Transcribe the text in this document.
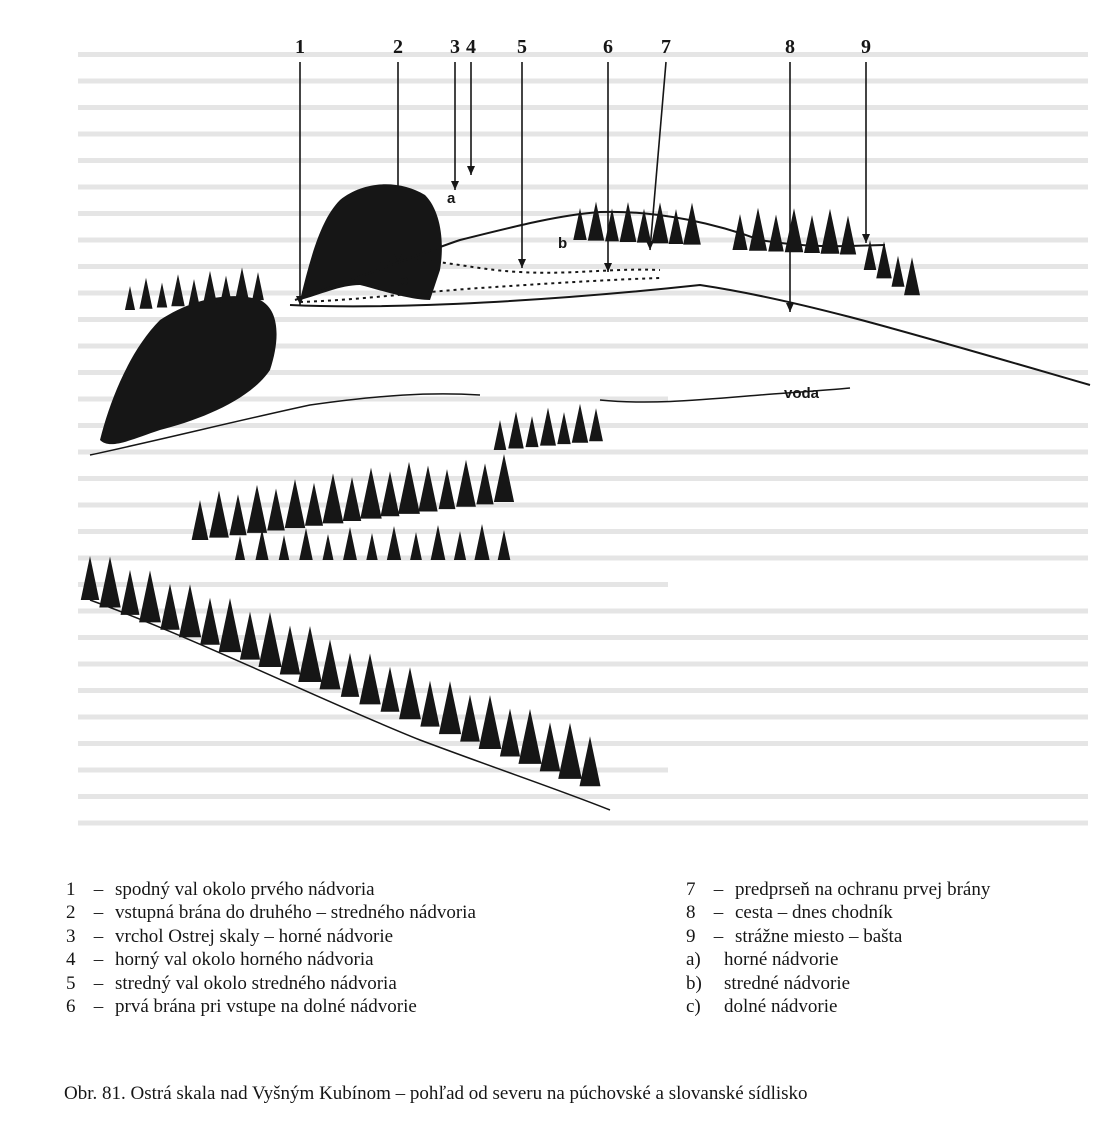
1	2	3 4	5	6	7	8	9
a
b
c
voda
1 – spodný val okolo prvého nádvoria
2 – vstupná brána do druhého – stredného nádvoria
3 – vrchol Ostrej skaly – horné nádvorie
4 – horný val okolo horného nádvoria
5 – stredný val okolo stredného nádvoria
6 – prvá brána pri vstupe na dolné nádvorie
7 – predprseň na ochranu prvej brány
8 – cesta – dnes chodník
9 – strážne miesto – bašta
a)	horné nádvorie
b)	stredné nádvorie
c)	dolné nádvorie
Obr. 81. Ostrá skala nad Vyšným Kubínom – pohľad od severu na púchovské a slovanské sídlisko
